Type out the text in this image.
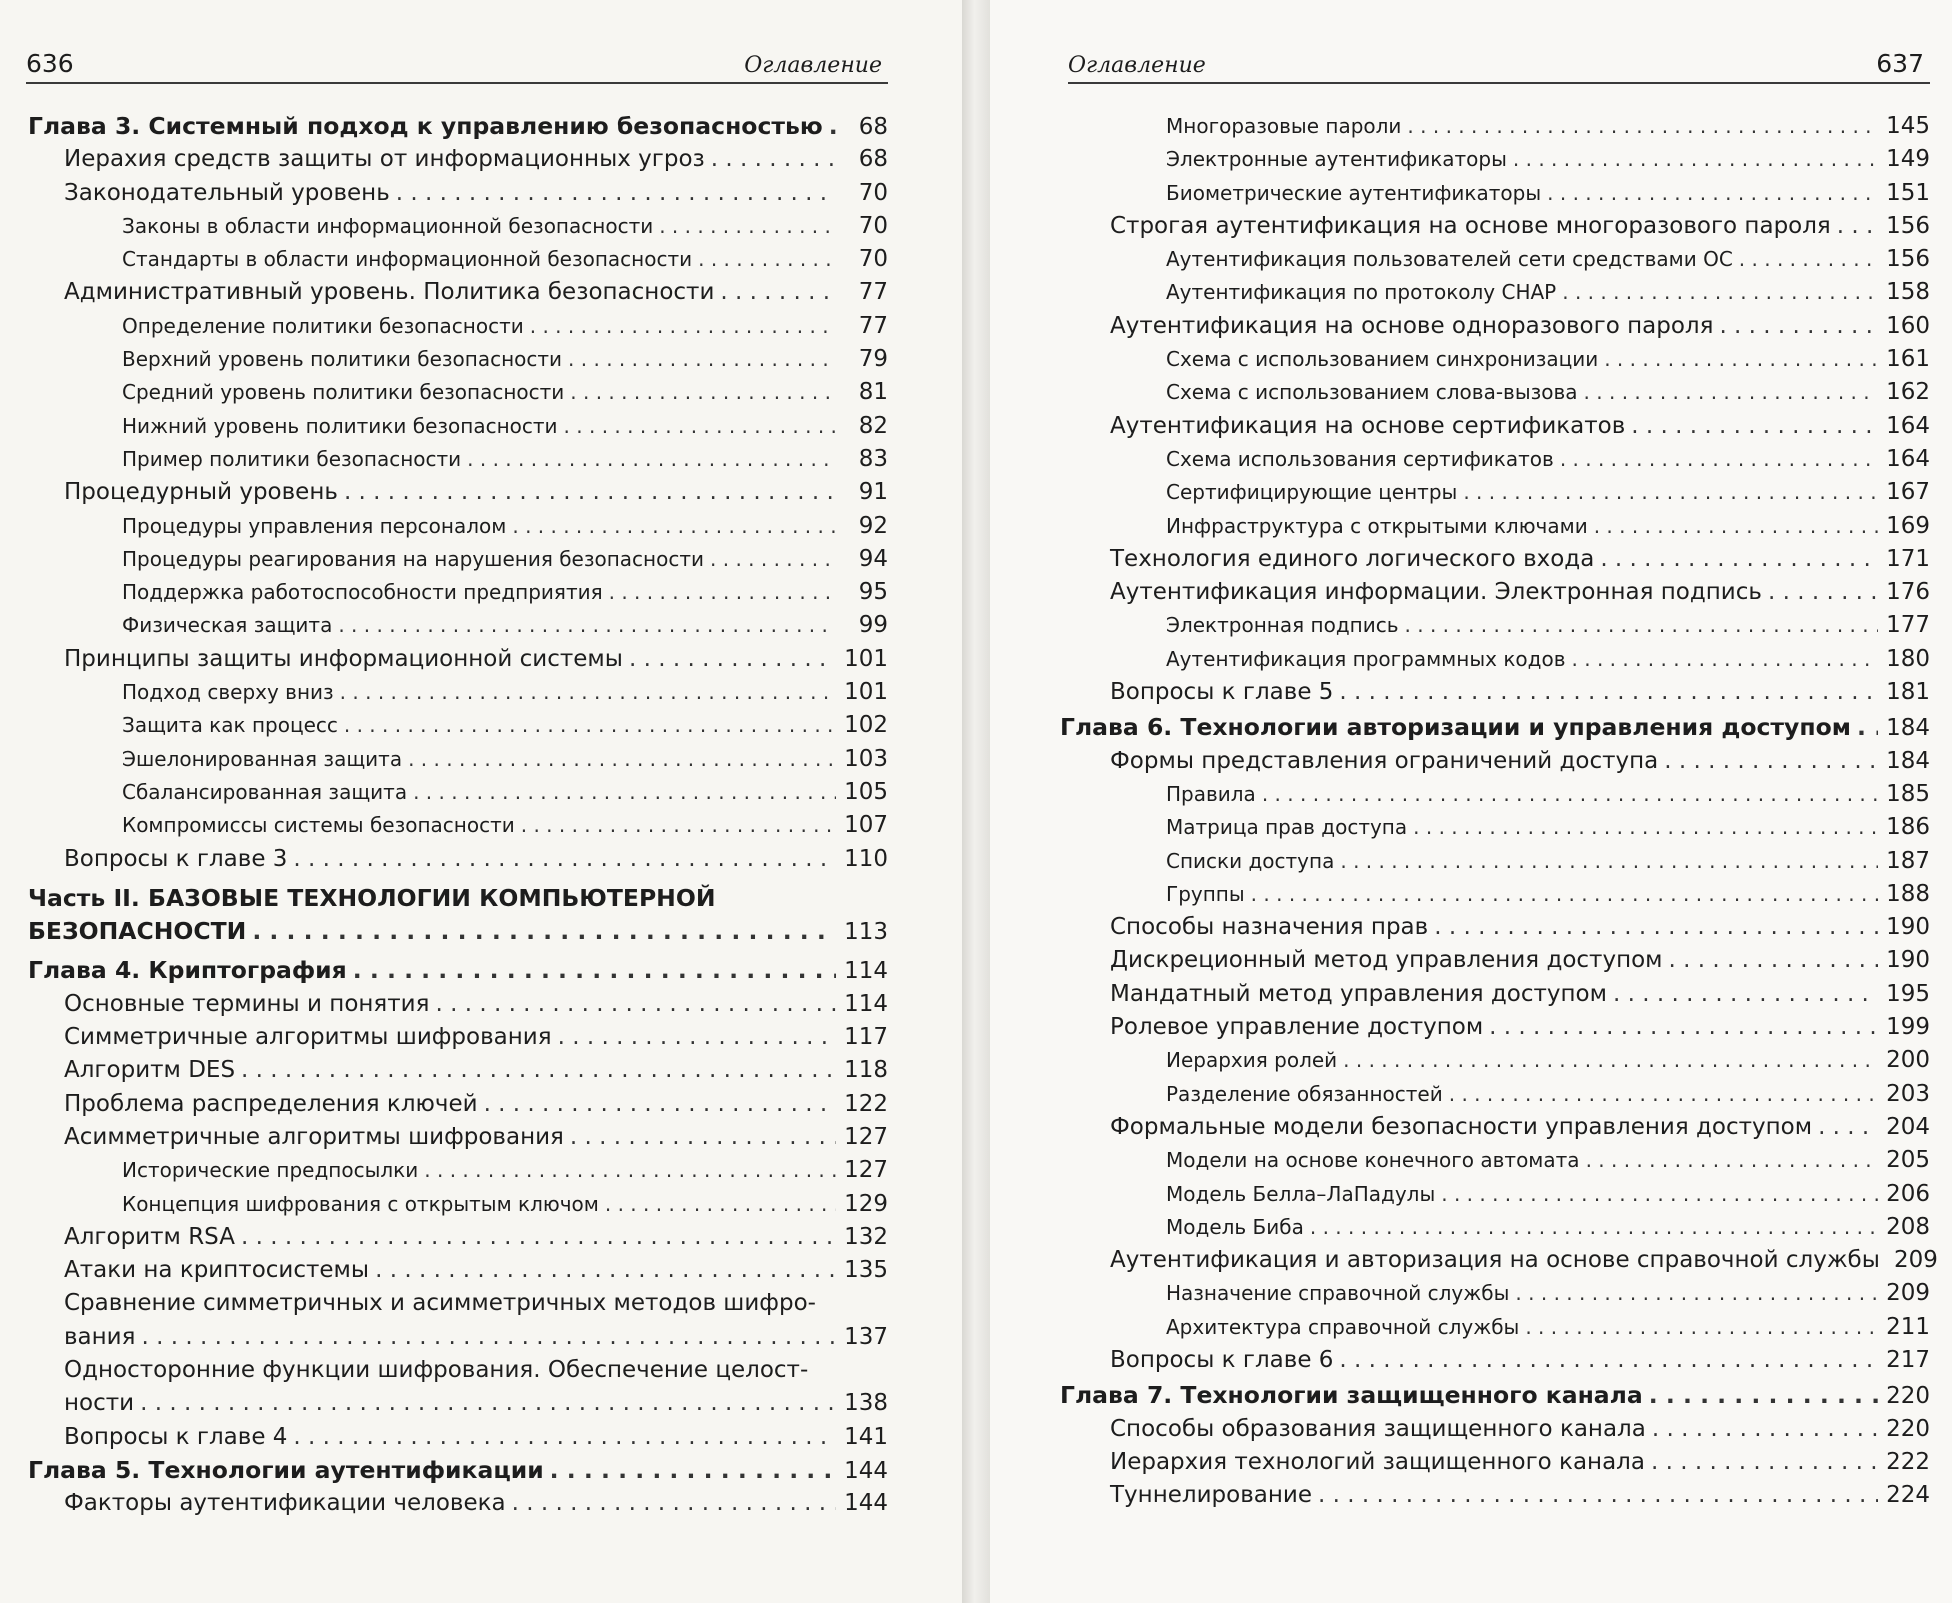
636	Оглавление
Глава 3. Системный подход к управлению безопасностью . . .	68
Иерахия средств защиты от информационных угроз . . .	68
Законодательный уровень . . .	70
Законы в области информационной безопасности . . .	70
Стандарты в области информационной безопасности . . .	70
Административный уровень. Политика безопасности . . .	77
Определение политики безопасности . . .	77
Верхний уровень политики безопасности . . .	79
Средний уровень политики безопасности . . .	81
Нижний уровень политики безопасности . . .	82
Пример политики безопасности . . .	83
Процедурный уровень . . .	91
Процедуры управления персоналом . . .	92
Процедуры реагирования на нарушения безопасности . . .	94
Поддержка работоспособности предприятия . . .	95
Физическая защита . . .	99
Принципы защиты информационной системы . . .	101
Подход сверху вниз . . .	101
Защита как процесс . . .	102
Эшелонированная защита . . .	103
Сбалансированная защита . . .	105
Компромиссы системы безопасности . . .	107
Вопросы к главе 3 . . .	110
Часть II. БАЗОВЫЕ ТЕХНОЛОГИИ КОМПЬЮТЕРНОЙ
БЕЗОПАСНОСТИ . . .	113
Глава 4. Криптография . . .	114
Основные термины и понятия . . .	114
Симметричные алгоритмы шифрования . . .	117
Алгоритм DES . . .	118
Проблема распределения ключей . . .	122
Асимметричные алгоритмы шифрования . . .	127
Исторические предпосылки . . .	127
Концепция шифрования с открытым ключом . . .	129
Алгоритм RSA . . .	132
Атаки на криптосистемы . . .	135
Сравнение симметричных и асимметричных методов шифро-
вания . . .	137
Односторонние функции шифрования. Обеспечение целост-
ности . . .	138
Вопросы к главе 4 . . .	141
Глава 5. Технологии аутентификации . . .	144
Факторы аутентификации человека . . .	144
Оглавление	637
Многоразовые пароли . . .	145
Электронные аутентификаторы . . .	149
Биометрические аутентификаторы . . .	151
Строгая аутентификация на основе многоразового пароля . . . 156
Аутентификация пользователей сети средствами ОС . . .	156
Аутентификация по протоколу CHAP . . .	158
Аутентификация на основе одноразового пароля . . .	160
Схема с использованием синхронизации . . .	161
Схема с использованием слова-вызова . . .	162
Аутентификация на основе сертификатов . . .	164
Схема использования сертификатов . . .	164
Сертифицирующие центры . . .	167
Инфраструктура с открытыми ключами . . .	169
Технология единого логического входа . . .	171
Аутентификация информации. Электронная подпись . . .	176
Электронная подпись . . .	177
Аутентификация программных кодов . . .	180
Вопросы к главе 5 . . .	181
Глава 6. Технологии авторизации и управления доступом . . . 184
Формы представления ограничений доступа . . .	184
Правила . . .	185
Матрица прав доступа . . .	186
Списки доступа . . .	187
Группы . . .	188
Способы назначения прав . . .	190
Дискреционный метод управления доступом . . .	190
Мандатный метод управления доступом . . .	195
Ролевое управление доступом . . .	199
Иерархия ролей . . .	200
Разделение обязанностей . . .	203
Формальные модели безопасности управления доступом . . .	204
Модели на основе конечного автомата . . .	205
Модель Белла–ЛаПадулы . . .	206
Модель Биба . . .	208
Аутентификация и авторизация на основе справочной службы 209
Назначение справочной службы . . .	209
Архитектура справочной службы . . .	211
Вопросы к главе 6 . . .	217
Глава 7. Технологии защищенного канала . . .	220
Способы образования защищенного канала . . .	220
Иерархия технологий защищенного канала . . .	222
Туннелирование . . .	224
